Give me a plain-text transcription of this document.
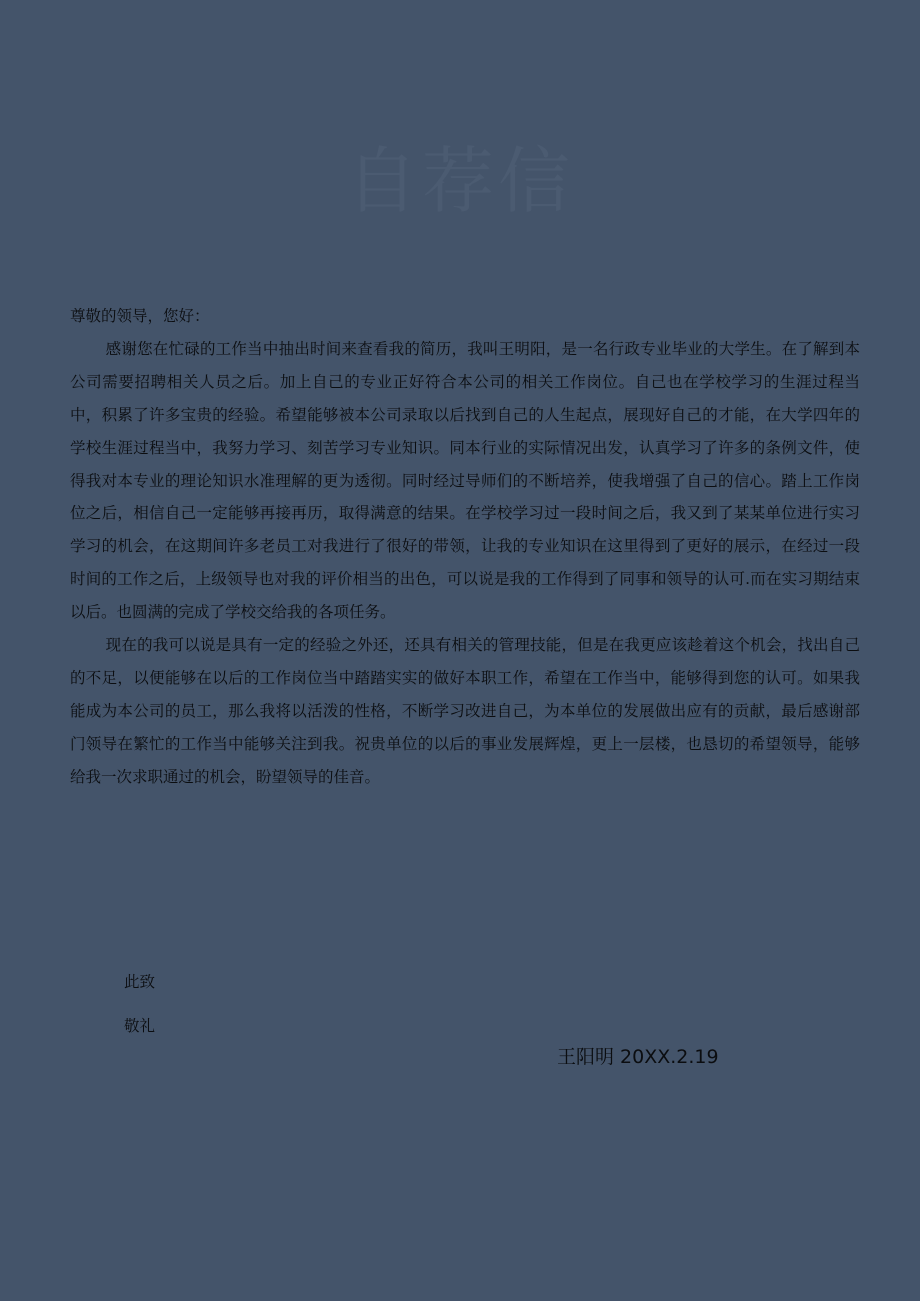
自荐信

尊敬的领导，您好：

感谢您在忙碌的工作当中抽出时间来查看我的简历，我叫王明阳，是一名行政专业毕业的大学生。在了解到本公司需要招聘相关人员之后。加上自己的专业正好符合本公司的相关工作岗位。自己也在学校学习的生涯过程当中，积累了许多宝贵的经验。希望能够被本公司录取以后找到自己的人生起点，展现好自己的才能，在大学四年的学校生涯过程当中，我努力学习、刻苦学习专业知识。同本行业的实际情况出发，认真学习了许多的条例文件，使得我对本专业的理论知识水准理解的更为透彻。同时经过导师们的不断培养，使我增强了自己的信心。踏上工作岗位之后，相信自己一定能够再接再历，取得满意的结果。在学校学习过一段时间之后，我又到了某某单位进行实习学习的机会，在这期间许多老员工对我进行了很好的带领，让我的专业知识在这里得到了更好的展示，在经过一段时间的工作之后，上级领导也对我的评价相当的出色，可以说是我的工作得到了同事和领导的认可.而在实习期结束以后。也圆满的完成了学校交给我的各项任务。

现在的我可以说是具有一定的经验之外还，还具有相关的管理技能，但是在我更应该趁着这个机会，找出自己的不足，以便能够在以后的工作岗位当中踏踏实实的做好本职工作，希望在工作当中，能够得到您的认可。如果我能成为本公司的员工，那么我将以活泼的性格，不断学习改进自己，为本单位的发展做出应有的贡献，最后感谢部门领导在繁忙的工作当中能够关注到我。祝贵单位的以后的事业发展辉煌，更上一层楼，也恳切的希望领导，能够给我一次求职通过的机会，盼望领导的佳音。

此致
敬礼
王阳明 20XX.2.19
